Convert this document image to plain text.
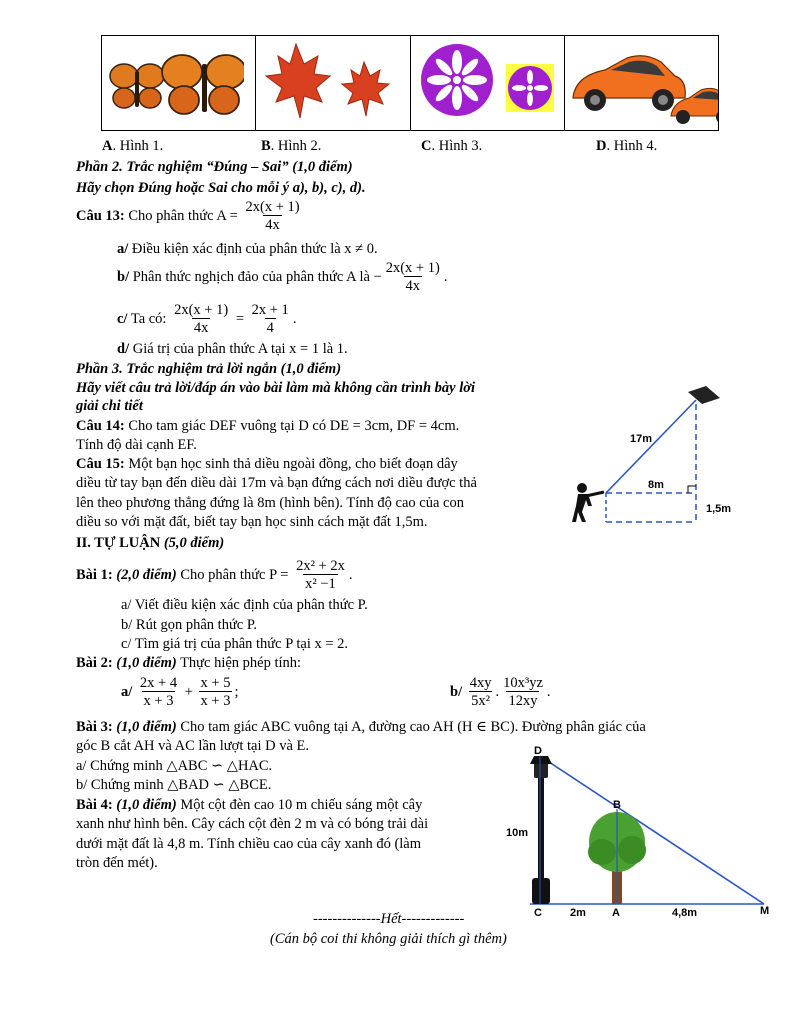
A. Hình 1.	B. Hình 2.	C. Hình 3.	D. Hình 4.
Phần 2. Trắc nghiệm “Đúng – Sai” (1,0 điểm)
Hãy chọn Đúng hoặc Sai cho mỗi ý a), b), c), d).
Câu 13: Cho phân thức $A = \frac{2x(x + 1)}{4x}$
a/ Điều kiện xác định của phân thức là x ≠ 0.
b/ Phân thức nghịch đảo của phân thức A là − $\frac{2x(x + 1)}{4x}$ .
c/ Ta có: $\frac{2x(x + 1)}{4x} = \frac{2x + 1}{4}$ .
d/ Giá trị của phân thức A tại x = 1 là 1.
Phần 3. Trắc nghiệm trả lời ngắn (1,0 điểm)
Hãy viết câu trả lời/đáp án vào bài làm mà không cần trình bày lời
giải chi tiết
Câu 14: Cho tam giác DEF vuông tại D có DE = 3cm, DF = 4cm.
Tính độ dài cạnh EF.
Câu 15: Một bạn học sinh thả diều ngoài đồng, cho biết đoạn dây
diều từ tay bạn đến diều dài 17m và bạn đứng cách nơi diều được thả
lên theo phương thẳng đứng là 8m (hình bên). Tính độ cao của con
diều so với mặt đất, biết tay bạn học sinh cách mặt đất 1,5m.
17m
8m
1,5m
II. TỰ LUẬN (5,0 điểm)
Bài 1: (2,0 điểm) Cho phân thức $P = \frac{\text{2x² + 2x}}{\text{x² −1}}$ .
a/ Viết điều kiện xác định của phân thức P.
b/ Rút gọn phân thức P.
c/ Tìm giá trị của phân thức P tại x = 2.
Bài 2: (1,0 điểm) Thực hiện phép tính:
$a/ \frac{2x + 4}{x + 3} + \frac{x + 5}{x + 3}$ ;	$b/ \frac{4xy}{\text{5x²}}$ . $\frac{\text{10x³yz}}{12xy}$ .
Bài 3: (1,0 điểm) Cho tam giác ABC vuông tại A, đường cao AH (H ∈ BC). Đường phân giác của
góc B cắt AH và AC lần lượt tại D và E.
a/ Chứng minh △ABC ∽ △HAC.
b/ Chứng minh △BAD ∽ △BCE.
Bài 4: (1,0 điểm) Một cột đèn cao 10 m chiếu sáng một cây
xanh như hình bên. Cây cách cột đèn 2 m và có bóng trải dài
dưới mặt đất là 4,8 m. Tính chiều cao của cây xanh đó (làm
tròn đến mét).
D
B
C	A	M
10m
2m	4,8m
--------------Hết-------------
(Cán bộ coi thi không giải thích gì thêm)
